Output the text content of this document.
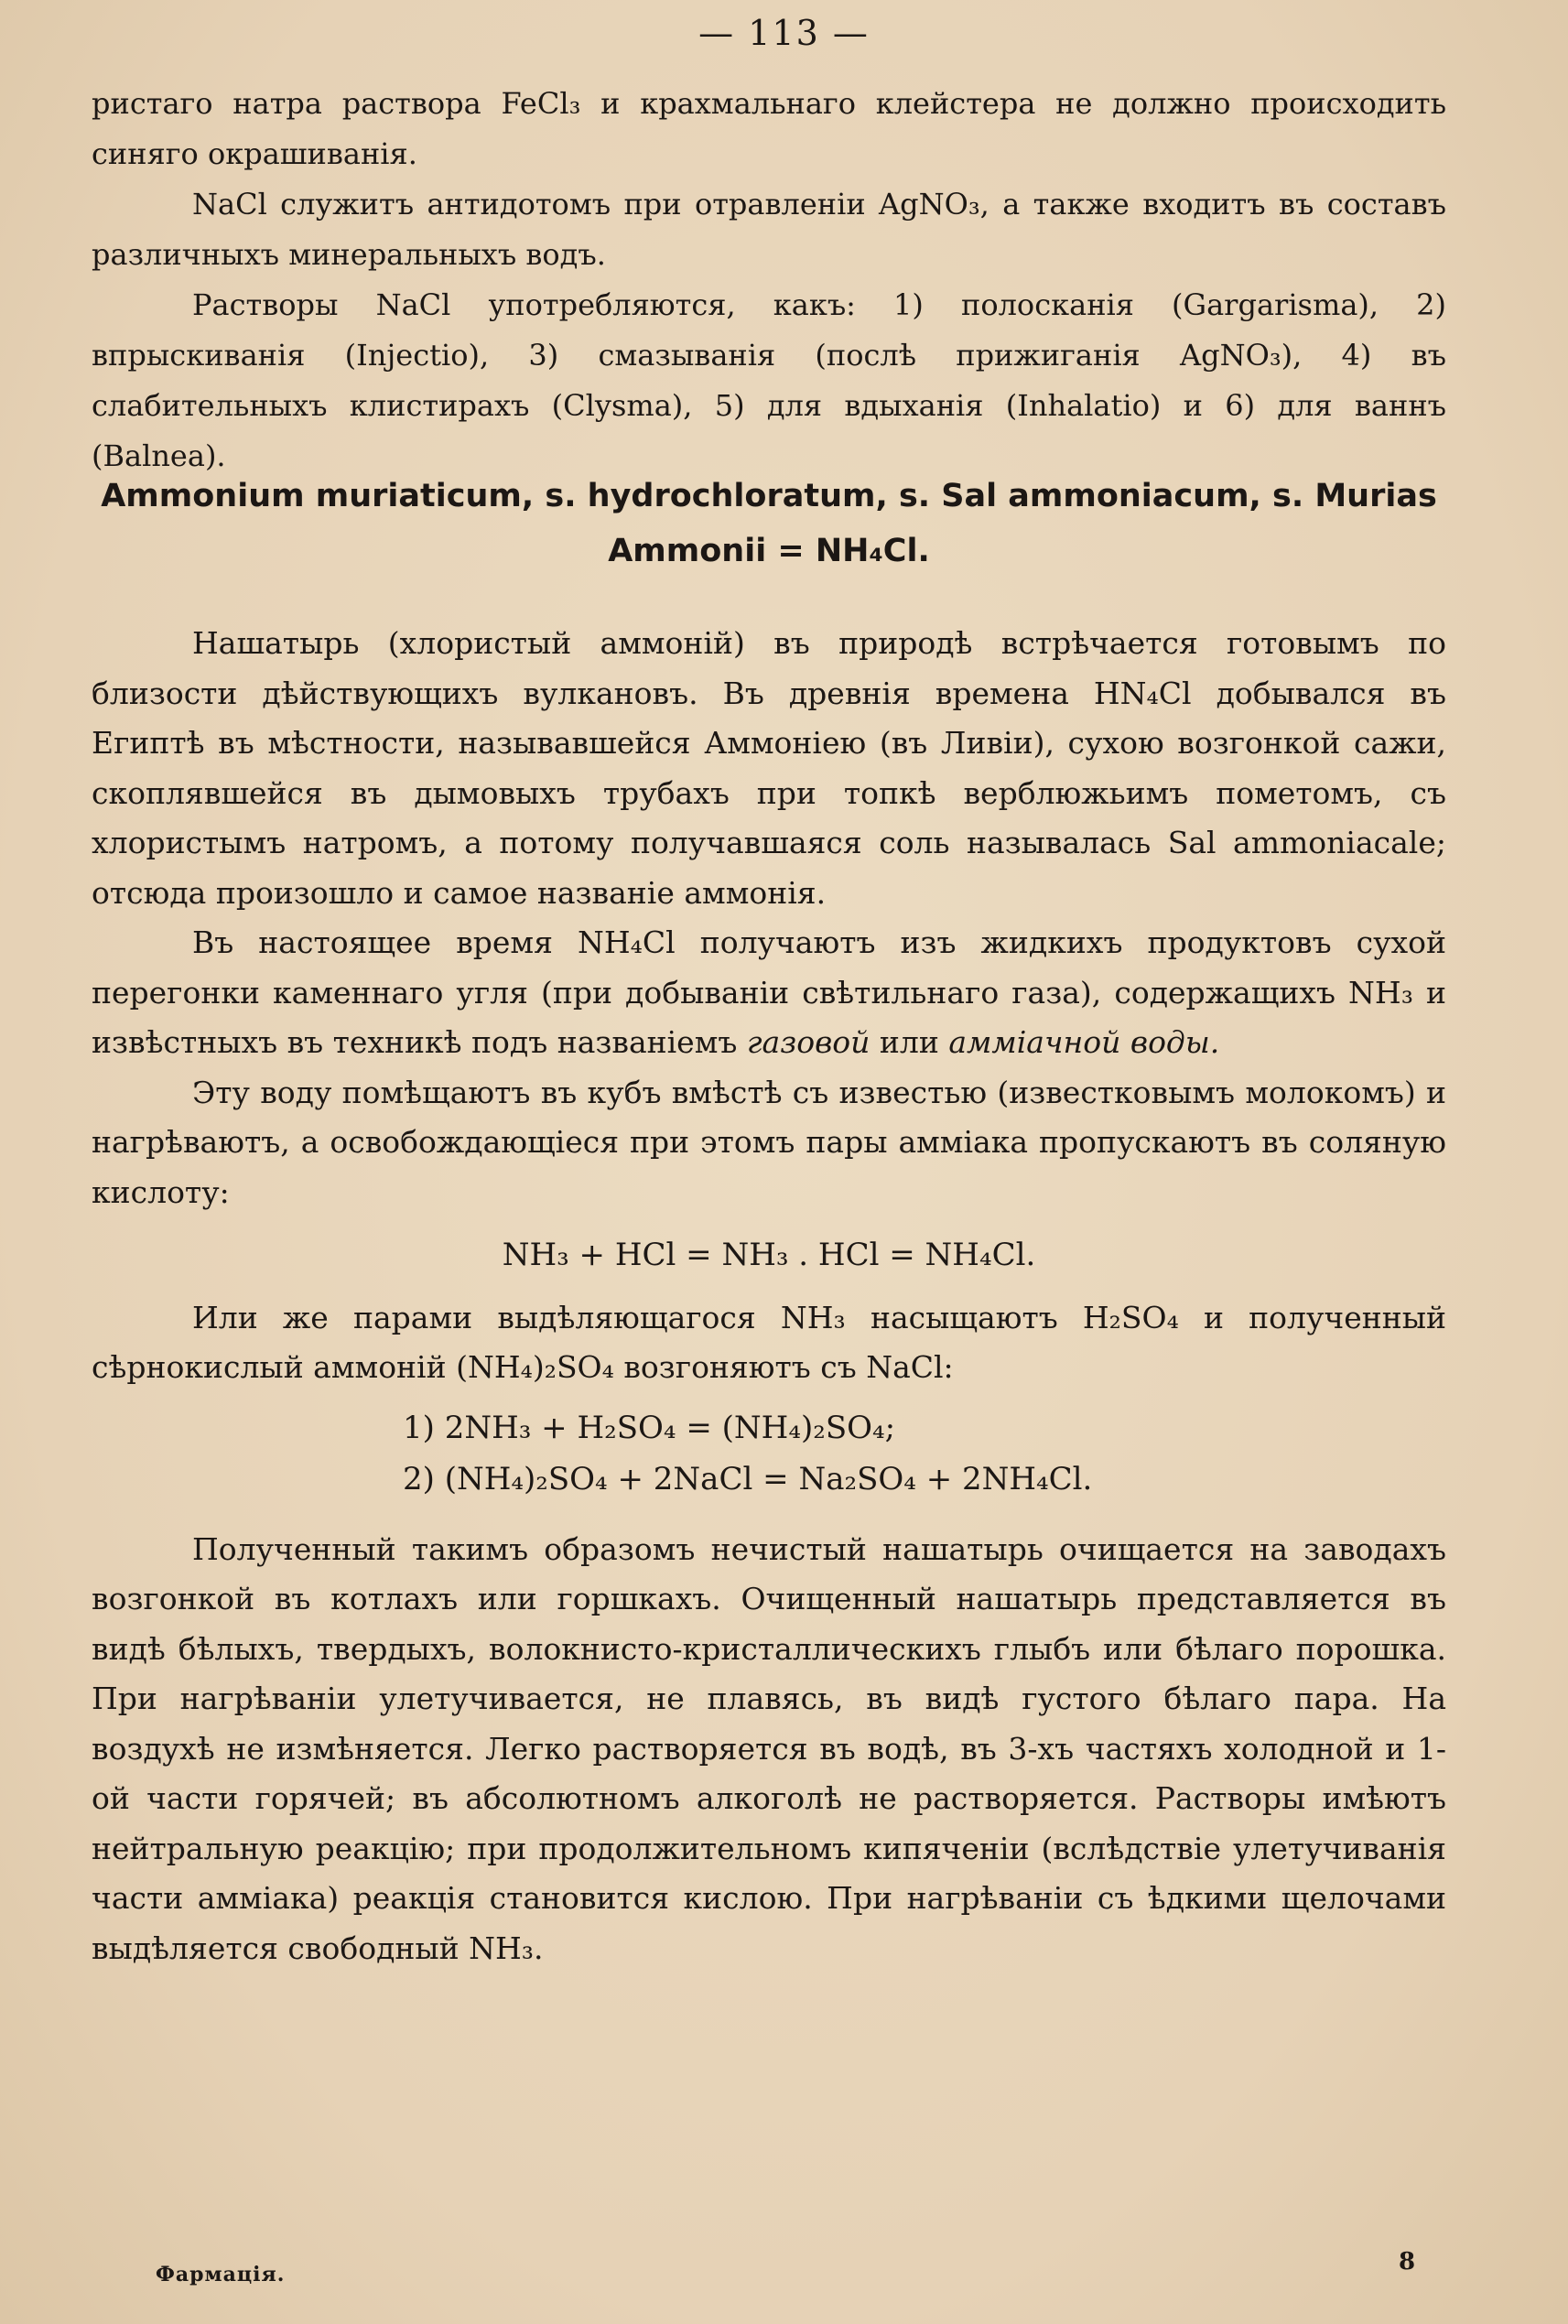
— 113 —

ристаго натра раствора FeCl₃ и крахмальнаго клейстера не должно происходить синяго окрашиванія.

NaCl служитъ антидотомъ при отравленіи AgNO₃, а также входитъ въ составъ различныхъ минеральныхъ водъ.

Растворы NaCl употребляются, какъ: 1) полосканія (Gargarisma), 2) впрыскиванія (Injectio), 3) смазыванія (послѣ прижиганія AgNO₃), 4) въ слабительныхъ клистирахъ (Clysma), 5) для вдыханія (Inhalatio) и 6) для ваннъ (Balnea).

Ammonium muriaticum, s. hydrochloratum, s. Sal ammoniacum, s. Murias Ammonii = NH₄Cl.

Нашатырь (хлористый аммоній) въ природѣ встрѣчается готовымъ по близости дѣйствующихъ вулкановъ. Въ древнія времена HN₄Cl добывался въ Египтѣ въ мѣстности, называвшейся Аммоніею (въ Ливіи), сухою возгонкой сажи, скоплявшейся въ дымовыхъ трубахъ при топкѣ верблюжьимъ пометомъ, съ хлористымъ натромъ, а потому получавшаяся соль называлась Sal ammoniacale; отсюда произошло и самое названіе аммонія.

Въ настоящее время NH₄Cl получаютъ изъ жидкихъ продуктовъ сухой перегонки каменнаго угля (при добываніи свѣтильнаго газа), содержащихъ NH₃ и извѣстныхъ въ техникѣ подъ названіемъ газовой или амміачной воды.

Эту воду помѣщаютъ въ кубъ вмѣстѣ съ известью (известковымъ молокомъ) и нагрѣваютъ, а освобождающіеся при этомъ пары амміака пропускаютъ въ соляную кислоту:

NH₃ + HCl = NH₃ . HCl = NH₄Cl.

Или же парами выдѣляющагося NH₃ насыщаютъ H₂SO₄ и полученный сѣрнокислый аммоній (NH₄)₂SO₄ возгоняютъ съ NaCl:

1) 2NH₃ + H₂SO₄ = (NH₄)₂SO₄;
2) (NH₄)₂SO₄ + 2NaCl = Na₂SO₄ + 2NH₄Cl.

Полученный такимъ образомъ нечистый нашатырь очищается на заводахъ возгонкой въ котлахъ или горшкахъ. Очищенный нашатырь представляется въ видѣ бѣлыхъ, твердыхъ, волокнисто-кристаллическихъ глыбъ или бѣлаго порошка. При нагрѣваніи улетучивается, не плавясь, въ видѣ густого бѣлаго пара. На воздухѣ не измѣняется. Легко растворяется въ водѣ, въ 3-хъ частяхъ холодной и 1-ой части горячей; въ абсолютномъ алкоголѣ не растворяется. Растворы имѣютъ нейтральную реакцію; при продолжительномъ кипяченіи (вслѣдствіе улетучиванія части амміака) реакція становится кислою. При нагрѣваніи съ ѣдкими щелочами выдѣляется свободный NH₃.

Фармація.	8
